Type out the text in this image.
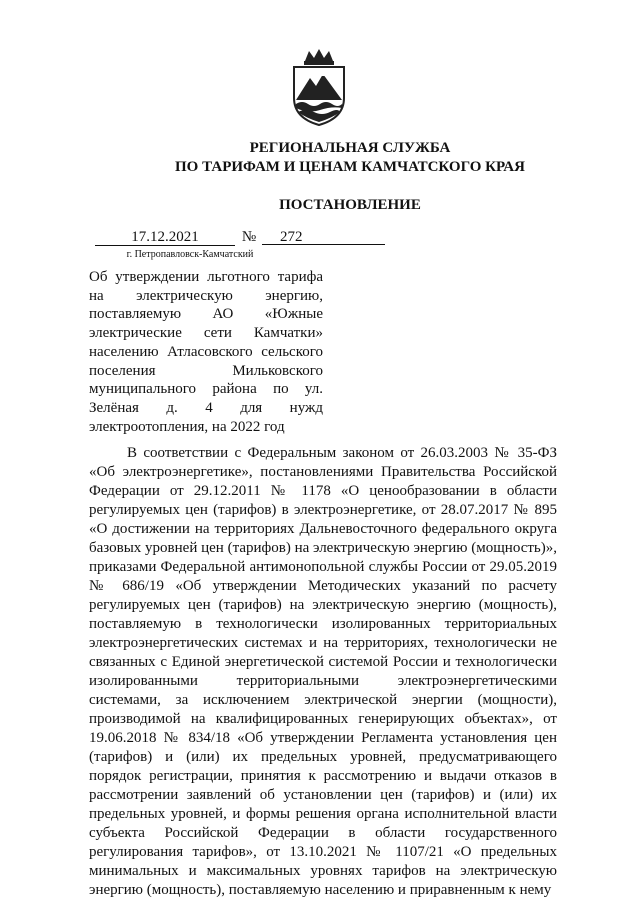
РЕГИОНАЛЬНАЯ СЛУЖБА
ПО ТАРИФАМ И ЦЕНАМ КАМЧАТСКОГО КРАЯ
ПОСТАНОВЛЕНИЕ
17.12.2021	№	272
г. Петропавловск-Камчатский
Об утверждении льготного тарифа на электрическую энергию, поставляемую АО «Южные электрические сети Камчатки» населению Атласовского сельского поселения Мильковского муниципального района по ул. Зелёная д. 4 для нужд электроотопления, на 2022 год
В соответствии с Федеральным законом от 26.03.2003 № 35-ФЗ «Об электроэнергетике», постановлениями Правительства Российской Федерации от 29.12.2011 № 1178 «О ценообразовании в области регулируемых цен (тарифов) в электроэнергетике, от 28.07.2017 № 895 «О достижении на территориях Дальневосточного федерального округа базовых уровней цен (тарифов) на электрическую энергию (мощность)», приказами Федеральной антимонопольной службы России от 29.05.2019 № 686/19 «Об утверждении Методических указаний по расчету регулируемых цен (тарифов) на электрическую энергию (мощность), поставляемую в технологически изолированных территориальных электроэнергетических системах и на территориях, технологически не связанных с Единой энергетической системой России и технологически изолированными территориальными электроэнергетическими системами, за исключением электрической энергии (мощности), производимой на квалифицированных генерирующих объектах», от 19.06.2018 № 834/18 «Об утверждении Регламента установления цен (тарифов) и (или) их предельных уровней, предусматривающего порядок регистрации, принятия к рассмотрению и выдачи отказов в рассмотрении заявлений об установлении цен (тарифов) и (или) их предельных уровней, и формы решения органа исполнительной власти субъекта Российской Федерации в области государственного регулирования тарифов», от 13.10.2021 № 1107/21 «О предельных минимальных и максимальных уровнях тарифов на электрическую энергию (мощность), поставляемую населению и приравненным к нему
